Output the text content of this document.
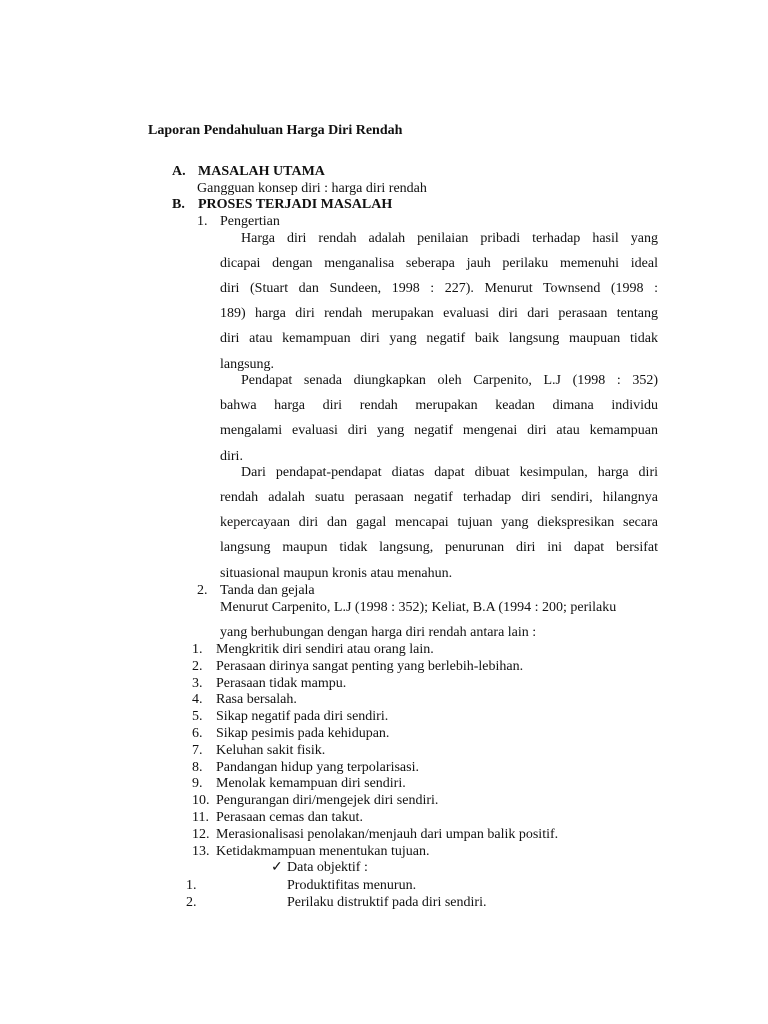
Laporan Pendahuluan Harga Diri Rendah
A. MASALAH UTAMA
Gangguan konsep diri : harga diri rendah
B. PROSES TERJADI MASALAH
1. Pengertian
Harga diri rendah adalah penilaian pribadi terhadap hasil yang
dicapai dengan menganalisa seberapa jauh perilaku memenuhi ideal
diri (Stuart dan Sundeen, 1998 : 227). Menurut Townsend (1998 :
189) harga diri rendah merupakan evaluasi diri dari perasaan tentang
diri atau kemampuan diri yang negatif baik langsung maupuan tidak
langsung.
Pendapat senada diungkapkan oleh Carpenito, L.J (1998 : 352)
bahwa harga diri rendah merupakan keadan dimana individu
mengalami evaluasi diri yang negatif mengenai diri atau kemampuan
diri.
Dari pendapat-pendapat diatas dapat dibuat kesimpulan, harga diri
rendah adalah suatu perasaan negatif terhadap diri sendiri, hilangnya
kepercayaan diri dan gagal mencapai tujuan yang diekspresikan secara
langsung maupun tidak langsung, penurunan diri ini dapat bersifat
situasional maupun kronis atau menahun.
2. Tanda dan gejala
Menurut Carpenito, L.J (1998 : 352); Keliat, B.A (1994 : 200; perilaku
yang berhubungan dengan harga diri rendah antara lain :
1. Mengkritik diri sendiri atau orang lain.
2. Perasaan dirinya sangat penting yang berlebih-lebihan.
3. Perasaan tidak mampu.
4. Rasa bersalah.
5. Sikap negatif pada diri sendiri.
6. Sikap pesimis pada kehidupan.
7. Keluhan sakit fisik.
8. Pandangan hidup yang terpolarisasi.
9. Menolak kemampuan diri sendiri.
10. Pengurangan diri/mengejek diri sendiri.
11. Perasaan cemas dan takut.
12. Merasionalisasi penolakan/menjauh dari umpan balik positif.
13. Ketidakmampuan menentukan tujuan.
✓ Data objektif :
1.	Produktifitas menurun.
2.	Perilaku distruktif pada diri sendiri.
